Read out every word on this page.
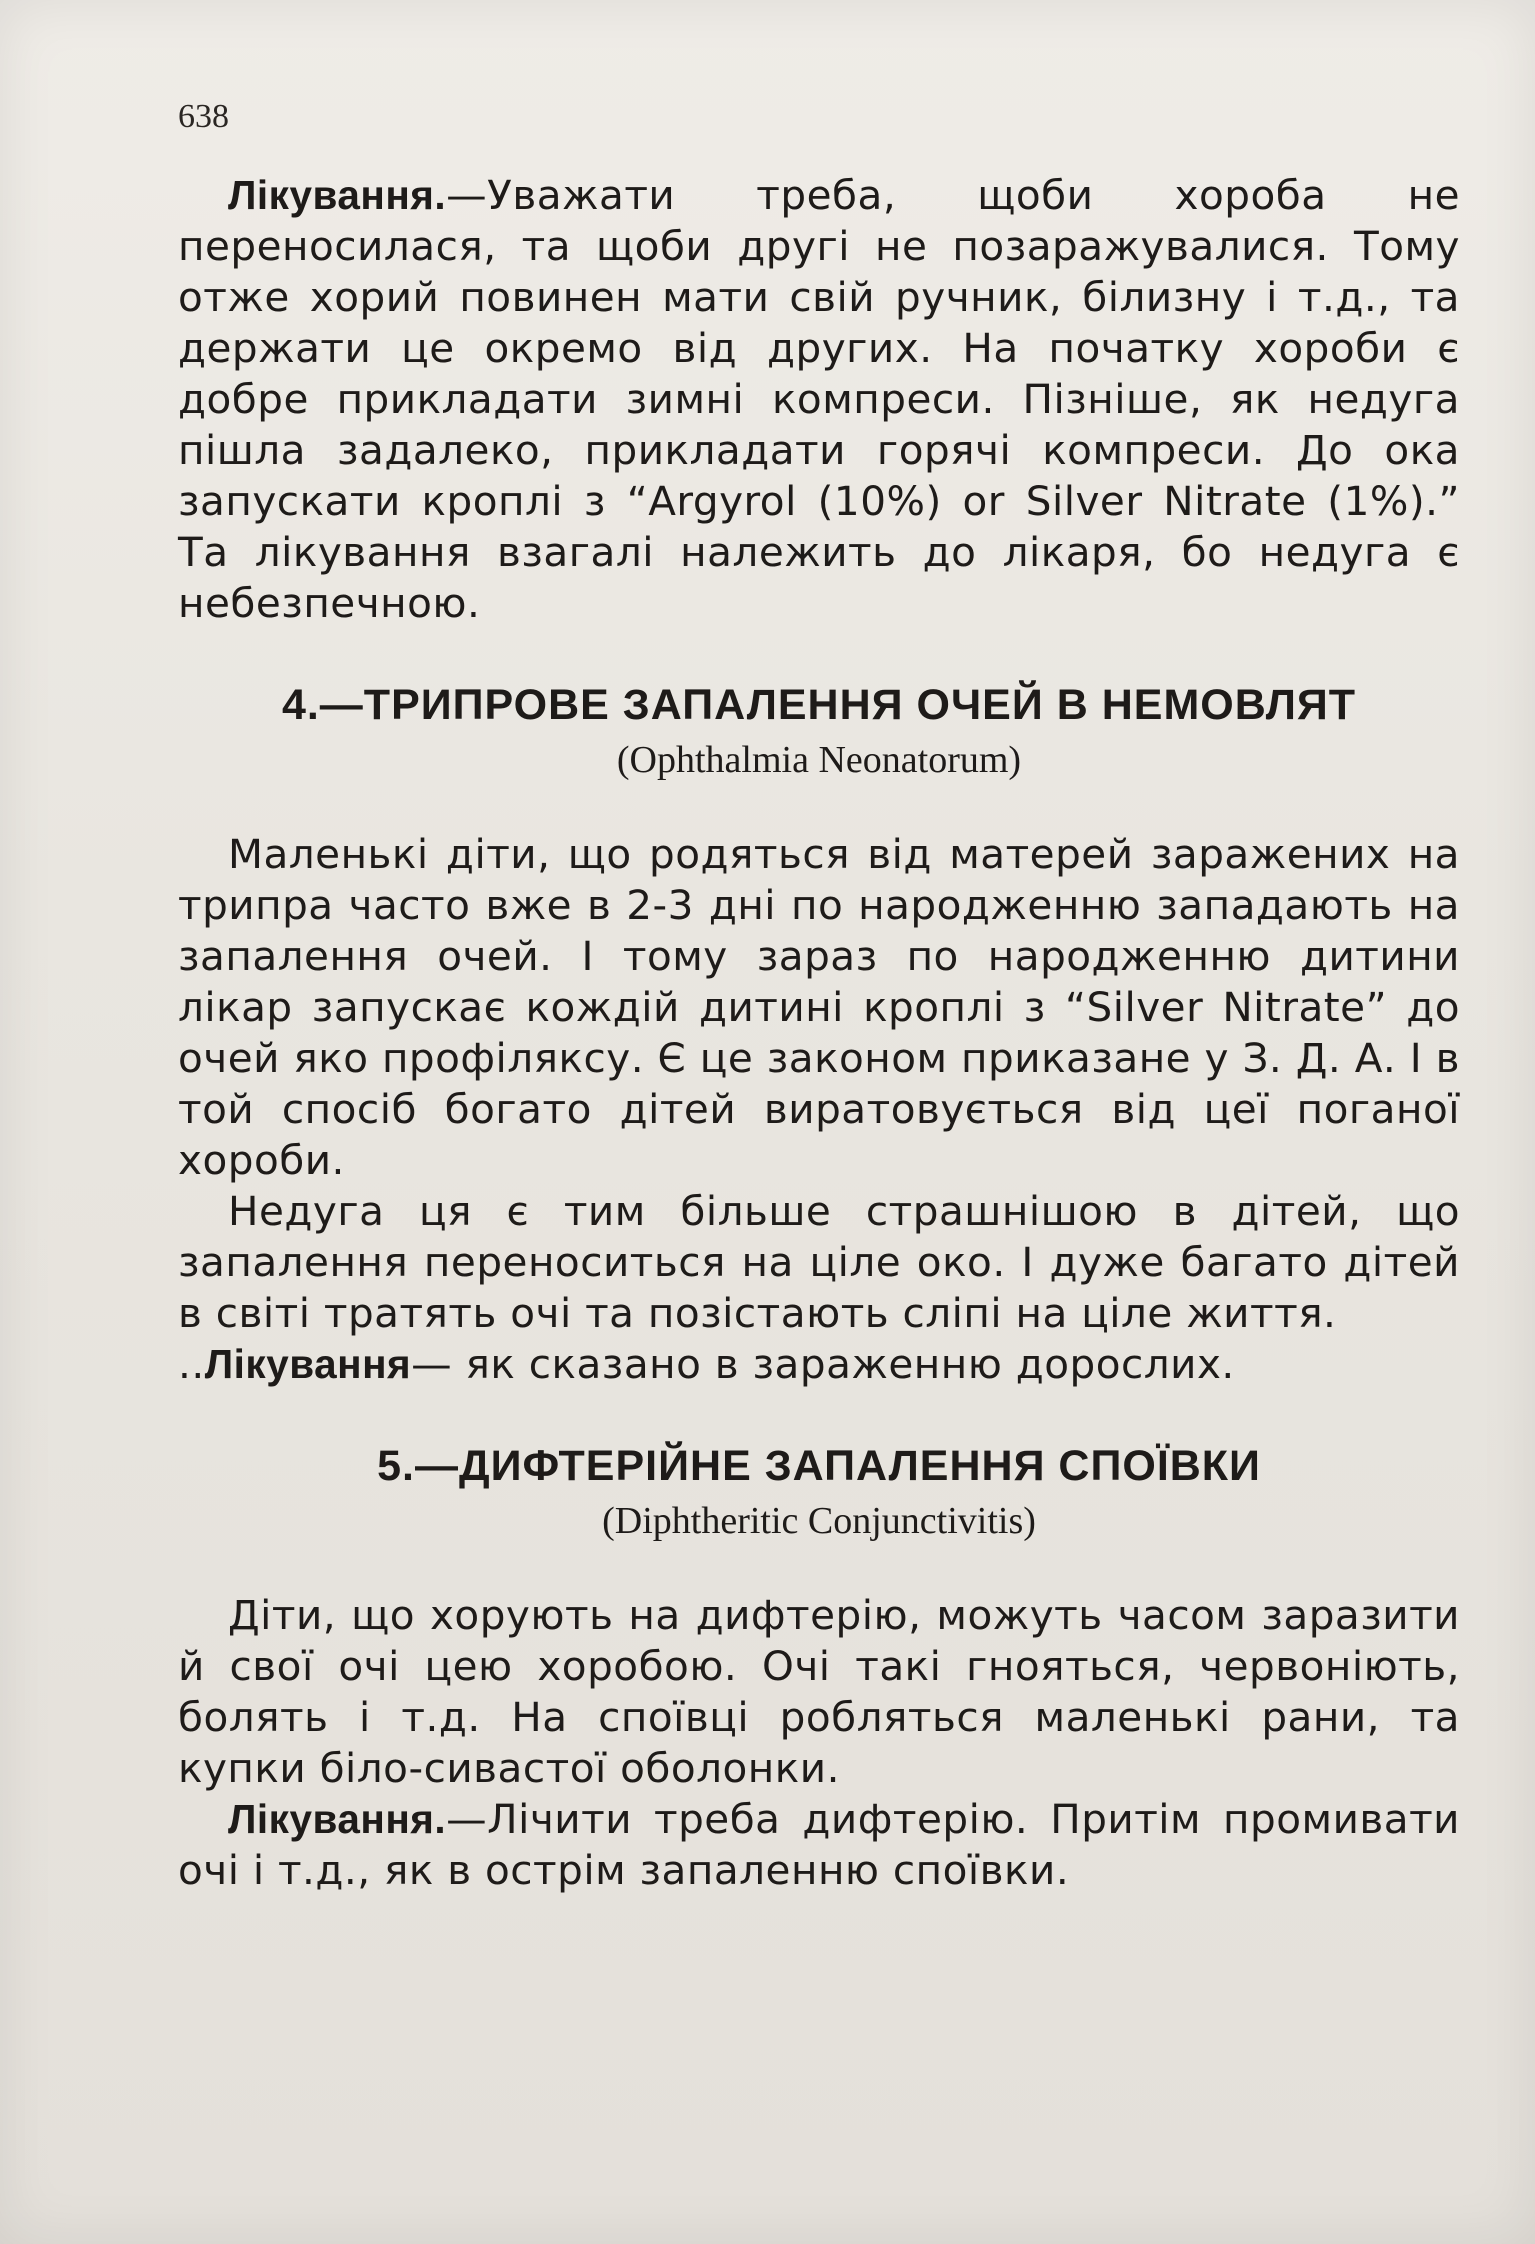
638

Лікування.—Уважати треба, щоби хороба не переносилася, та щоби другі не позаражувалися. Тому отже хорий повинен мати свій ручник, білизну і т.д., та держати це окремо від других. На початку хороби є добре прикладати зимні компреси. Пізніше, як недуга пішла задалеко, прикладати горячі компреси. До ока запускати кроплі з “Argyrol (10%) or Silver Nitrate (1%).” Та лікування взагалі належить до лікаря, бо недуга є небезпечною.

4.—ТРИПРОВЕ ЗАПАЛЕННЯ ОЧЕЙ В НЕМОВЛЯТ
(Ophthalmia Neonatorum)

Маленькі діти, що родяться від матерей заражених на трипра часто вже в 2-3 дні по народженню западають на запалення очей. І тому зараз по народженню дитини лікар запускає кождій дитині кроплі з “Silver Nitrate” до очей яко профіляксу. Є це законом приказане у З. Д. А. І в той спосіб богато дітей виратовується від цеї поганої хороби.

Недуга ця є тим більше страшнішою в дітей, що запалення переноситься на ціле око. І дуже багато дітей в світі тратять очі та позістають сліпі на ціле життя.

..Лікування— як сказано в зараженню дорослих.

5.—ДИФТЕРІЙНЕ ЗАПАЛЕННЯ СПОЇВКИ
(Diphtheritic Conjunctivitis)

Діти, що хорують на дифтерію, можуть часом заразити й свої очі цею хоробою. Очі такі гнояться, червоніють, болять і т.д. На споївці робляться маленькі рани, та купки біло-сивастої оболонки.

Лікування.—Лічити треба дифтерію. Притім промивати очі і т.д., як в острім запаленню споївки.
